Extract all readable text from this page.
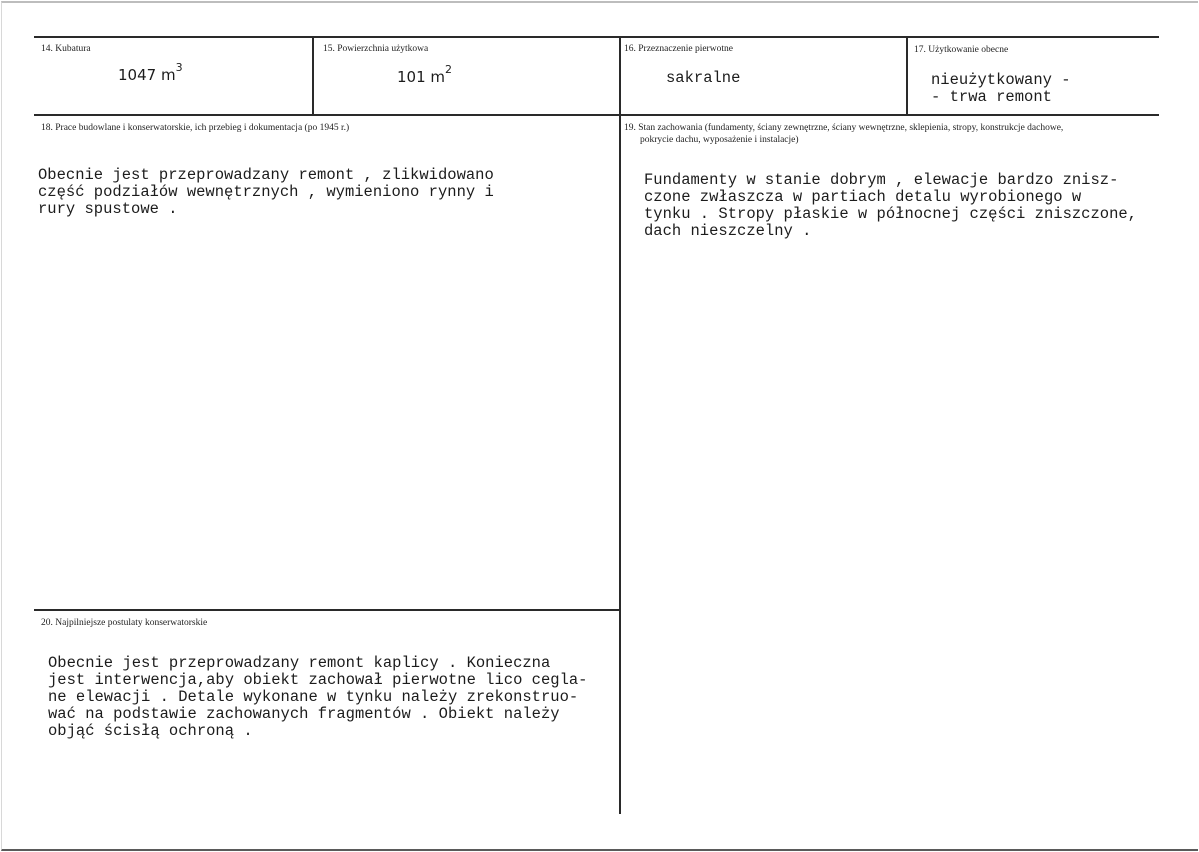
14. Kubatura
1047 $m^3$
15. Powierzchnia użytkowa
101 $m^2$
16. Przeznaczenie pierwotne
sakralne
17. Użytkowanie obecne
nieużytkowany -
- trwa remont
18. Prace budowlane i konserwatorskie, ich przebieg i dokumentacja (po 1945 r.)
Obecnie jest przeprowadzany remont , zlikwidowano
część podziałów wewnętrznych , wymieniono rynny i
rury spustowe .
19. Stan zachowania (fundamenty, ściany zewnętrzne, ściany wewnętrzne, sklepienia, stropy, konstrukcje dachowe,
pokrycie dachu, wyposażenie i instalacje)
Fundamenty w stanie dobrym , elewacje bardzo znisz-
czone zwłaszcza w partiach detalu wyrobionego w
tynku . Stropy płaskie w północnej części zniszczone,
dach nieszczelny .
20. Najpilniejsze postulaty konserwatorskie
Obecnie jest przeprowadzany remont kaplicy . Konieczna
jest interwencja,aby obiekt zachował pierwotne lico cegla-
ne elewacji . Detale wykonane w tynku należy zrekonstruo-
wać na podstawie zachowanych fragmentów . Obiekt należy
objąć ścisłą ochroną .
